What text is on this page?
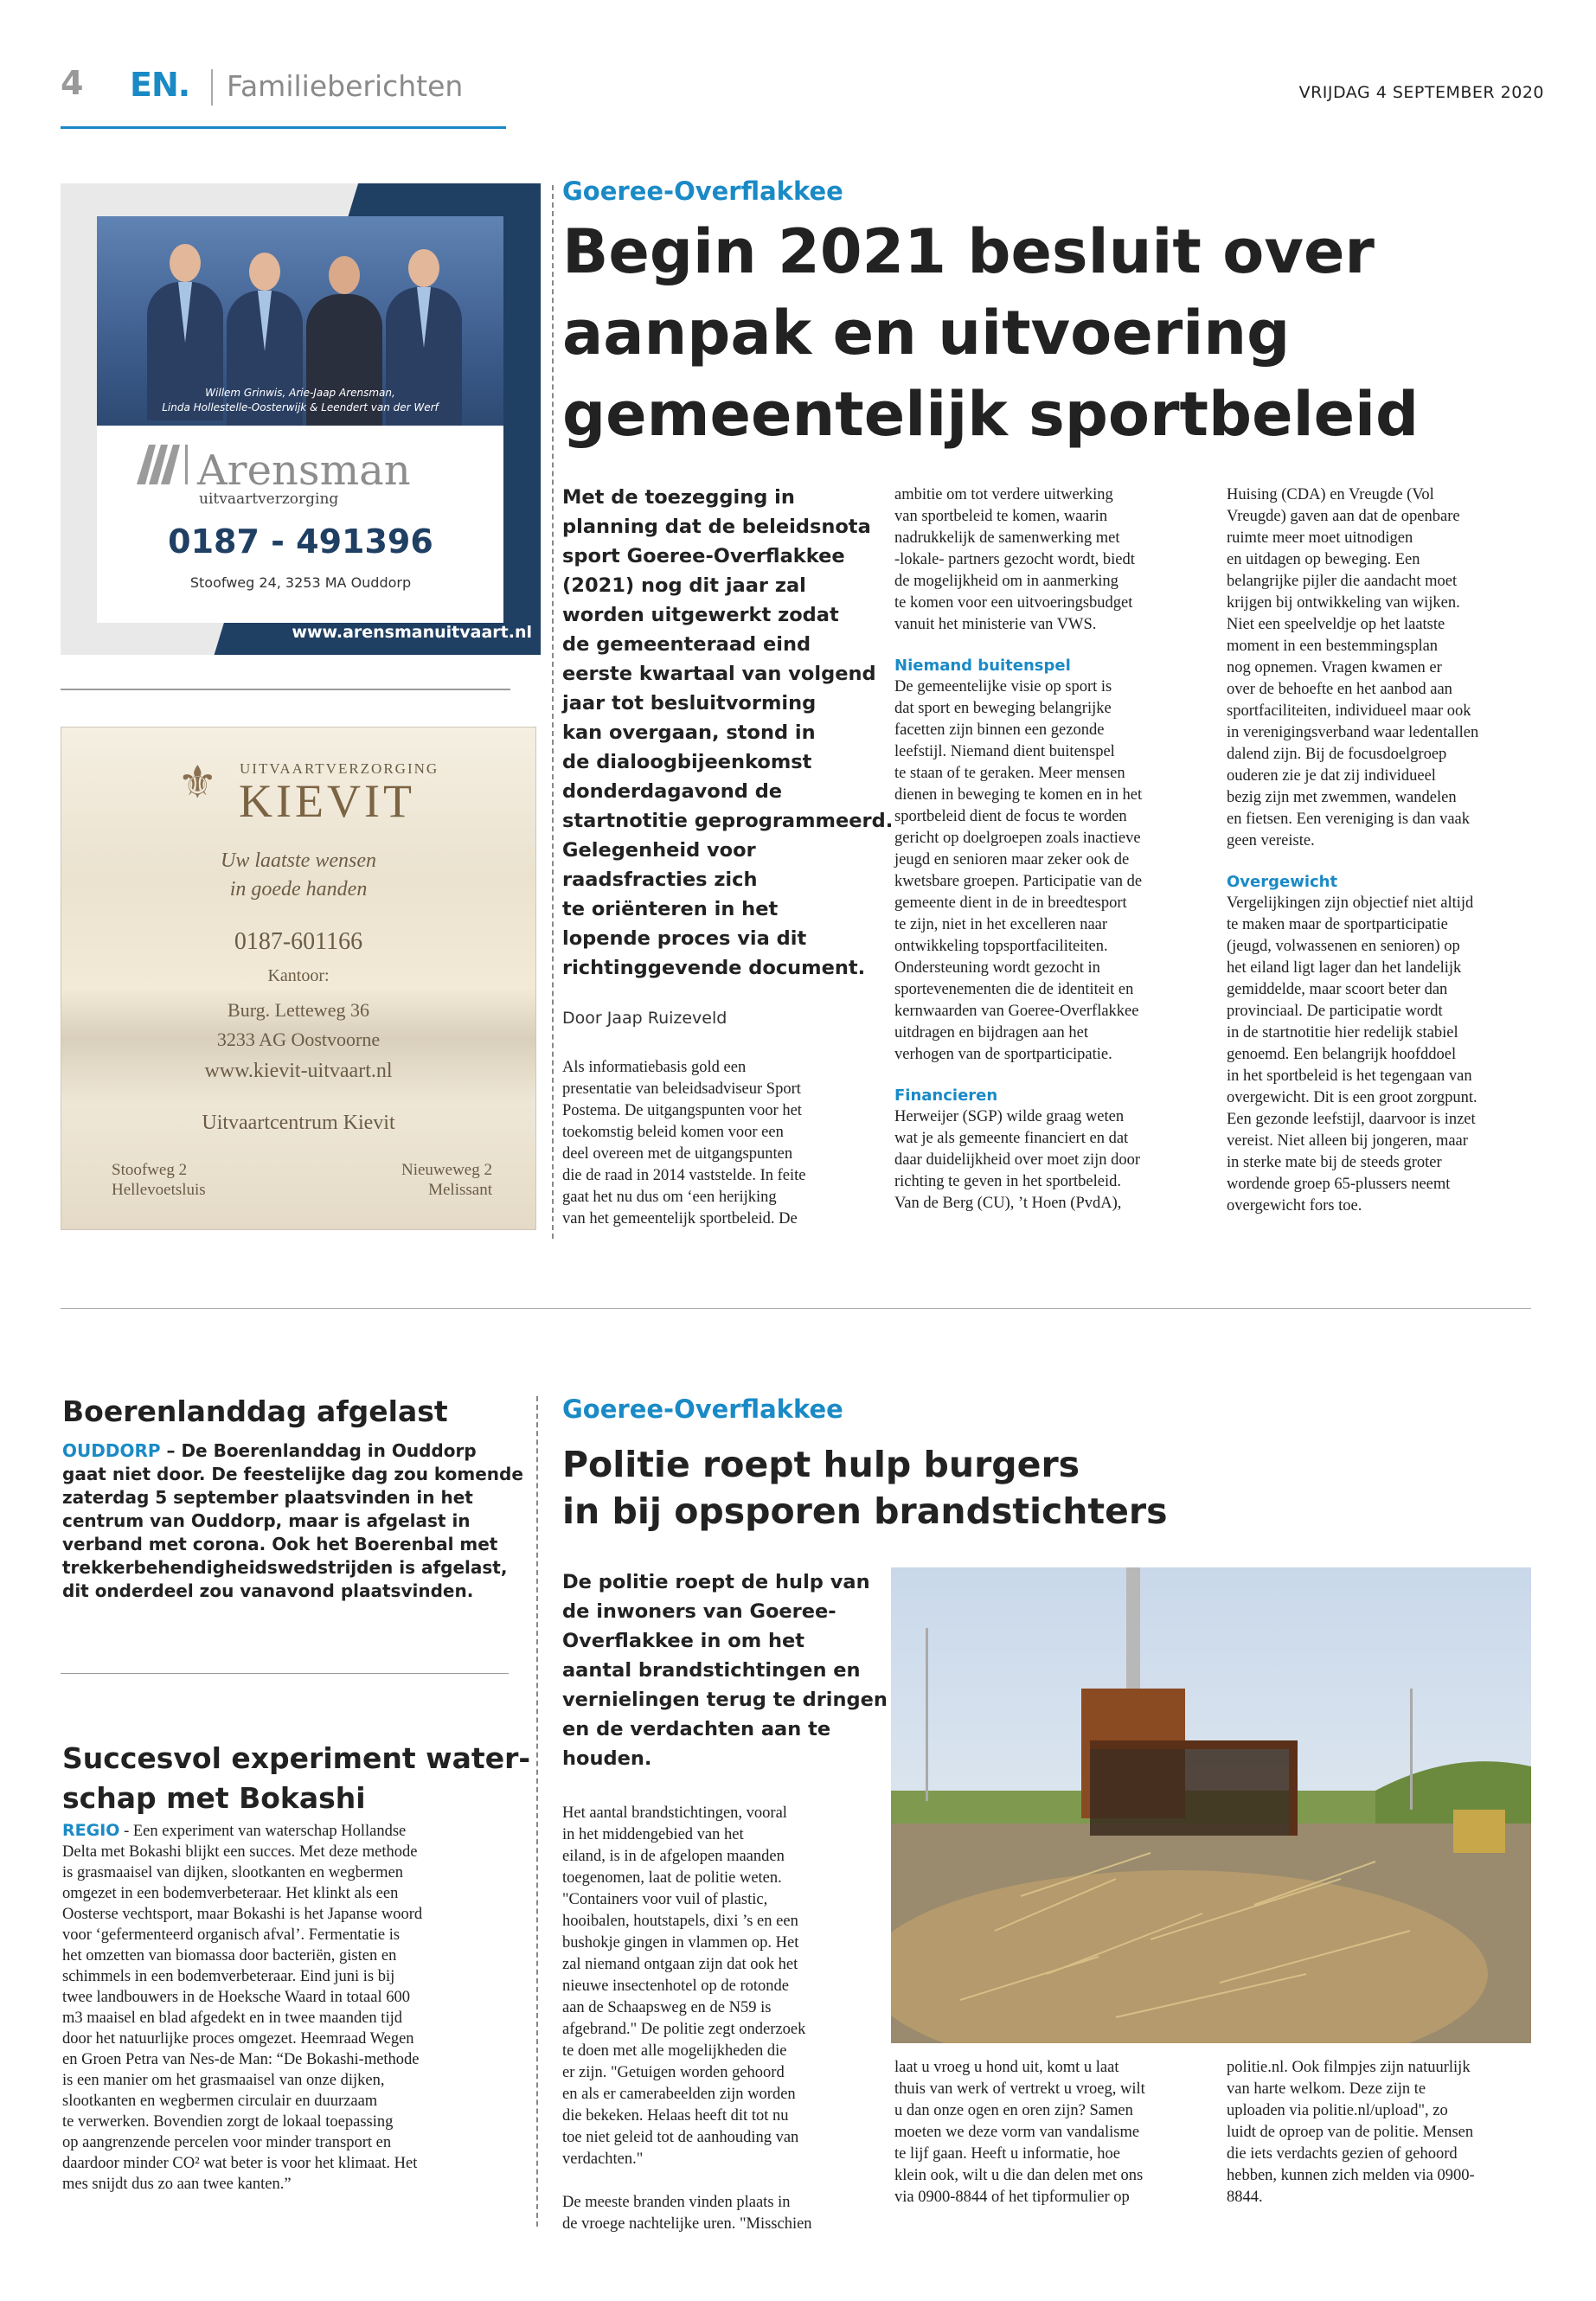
4 EN. Familieberichten	VRIJDAG 4 SEPTEMBER 2020
Willem Grinwis, Arie-Jaap Arensman,
Linda Hollestelle-Oosterwijk & Leendert van der Werf
Arensman
uitvaartverzorging
0187 - 491396
Stoofweg 24, 3253 MA Ouddorp
www.arensmanuitvaart.nl
⚜ UITVAARTVERZORGING
KIEVIT
Uw laatste wensen
in goede handen
0187-601166
Kantoor:
Burg. Letteweg 36
3233 AG Oostvoorne
www.kievit-uitvaart.nl
Uitvaartcentrum Kievit
Stoofweg 2
Hellevoetsluis
Nieuweweg 2
Melissant
Goeree-Overflakkee
Begin 2021 besluit over
aanpak en uitvoering
gemeentelijk sportbeleid
Met de toezegging in
planning dat de beleidsnota
sport Goeree-Overflakkee
(2021) nog dit jaar zal
worden uitgewerkt zodat
de gemeenteraad eind
eerste kwartaal van volgend
jaar tot besluitvorming
kan overgaan, stond in
de dialoogbijeenkomst
donderdagavond de
startnotitie geprogrammeerd.
Gelegenheid voor
raadsfracties zich
te oriënteren in het
lopende proces via dit
richtinggevende document.
Door Jaap Ruizeveld
Als informatiebasis gold een
presentatie van beleidsadviseur Sport
Postema. De uitgangspunten voor het
toekomstig beleid komen voor een
deel overeen met de uitgangspunten
die de raad in 2014 vaststelde. In feite
gaat het nu dus om ‘een herijking
van het gemeentelijk sportbeleid. De
ambitie om tot verdere uitwerking
van sportbeleid te komen, waarin
nadrukkelijk de samenwerking met
-lokale- partners gezocht wordt, biedt
de mogelijkheid om in aanmerking
te komen voor een uitvoeringsbudget
vanuit het ministerie van VWS.
Niemand buitenspel
De gemeentelijke visie op sport is
dat sport en beweging belangrijke
facetten zijn binnen een gezonde
leefstijl. Niemand dient buitenspel
te staan of te geraken. Meer mensen
dienen in beweging te komen en in het
sportbeleid dient de focus te worden
gericht op doelgroepen zoals inactieve
jeugd en senioren maar zeker ook de
kwetsbare groepen. Participatie van de
gemeente dient in de in breedtesport
te zijn, niet in het excelleren naar
ontwikkeling topsportfaciliteiten.
Ondersteuning wordt gezocht in
sportevenementen die de identiteit en
kernwaarden van Goeree-Overflakkee
uitdragen en bijdragen aan het
verhogen van de sportparticipatie.
Financieren
Herweijer (SGP) wilde graag weten
wat je als gemeente financiert en dat
daar duidelijkheid over moet zijn door
richting te geven in het sportbeleid.
Van de Berg (CU), ’t Hoen (PvdA),
Huising (CDA) en Vreugde (Vol
Vreugde) gaven aan dat de openbare
ruimte meer moet uitnodigen
en uitdagen op beweging. Een
belangrijke pijler die aandacht moet
krijgen bij ontwikkeling van wijken.
Niet een speelveldje op het laatste
moment in een bestemmingsplan
nog opnemen. Vragen kwamen er
over de behoefte en het aanbod aan
sportfaciliteiten, individueel maar ook
in verenigingsverband waar ledentallen
dalend zijn. Bij de focusdoelgroep
ouderen zie je dat zij individueel
bezig zijn met zwemmen, wandelen
en fietsen. Een vereniging is dan vaak
geen vereiste.
Overgewicht
Vergelijkingen zijn objectief niet altijd
te maken maar de sportparticipatie
(jeugd, volwassenen en senioren) op
het eiland ligt lager dan het landelijk
gemiddelde, maar scoort beter dan
provinciaal. De participatie wordt
in de startnotitie hier redelijk stabiel
genoemd. Een belangrijk hoofddoel
in het sportbeleid is het tegengaan van
overgewicht. Dit is een groot zorgpunt.
Een gezonde leefstijl, daarvoor is inzet
vereist. Niet alleen bij jongeren, maar
in sterke mate bij de steeds groter
wordende groep 65-plussers neemt
overgewicht fors toe.
Boerenlanddag afgelast
OUDDORP – De Boerenlanddag in Ouddorp
gaat niet door. De feestelijke dag zou komende
zaterdag 5 september plaatsvinden in het
centrum van Ouddorp, maar is afgelast in
verband met corona. Ook het Boerenbal met
trekkerbehendigheidswedstrijden is afgelast,
dit onderdeel zou vanavond plaatsvinden.
Succesvol experiment water-
schap met Bokashi
REGIO - Een experiment van waterschap Hollandse
Delta met Bokashi blijkt een succes. Met deze methode
is grasmaaisel van dijken, slootkanten en wegbermen
omgezet in een bodemverbeteraar. Het klinkt als een
Oosterse vechtsport, maar Bokashi is het Japanse woord
voor ‘gefermenteerd organisch afval’. Fermentatie is
het omzetten van biomassa door bacteriën, gisten en
schimmels in een bodemverbeteraar. Eind juni is bij
twee landbouwers in de Hoeksche Waard in totaal 600
m3 maaisel en blad afgedekt en in twee maanden tijd
door het natuurlijke proces omgezet. Heemraad Wegen
en Groen Petra van Nes-de Man: “De Bokashi-methode
is een manier om het grasmaaisel van onze dijken,
slootkanten en wegbermen circulair en duurzaam
te verwerken. Bovendien zorgt de lokaal toepassing
op aangrenzende percelen voor minder transport en
daardoor minder CO² wat beter is voor het klimaat. Het
mes snijdt dus zo aan twee kanten.”
Goeree-Overflakkee
Politie roept hulp burgers
in bij opsporen brandstichters
De politie roept de hulp van
de inwoners van Goeree-
Overflakkee in om het
aantal brandstichtingen en
vernielingen terug te dringen
en de verdachten aan te
houden.
Het aantal brandstichtingen, vooral
in het middengebied van het
eiland, is in de afgelopen maanden
toegenomen, laat de politie weten.
"Containers voor vuil of plastic,
hooibalen, houtstapels, dixi ’s en een
bushokje gingen in vlammen op. Het
zal niemand ontgaan zijn dat ook het
nieuwe insectenhotel op de rotonde
aan de Schaapsweg en de N59 is
afgebrand." De politie zegt onderzoek
te doen met alle mogelijkheden die
er zijn. "Getuigen worden gehoord
en als er camerabeelden zijn worden
die bekeken. Helaas heeft dit tot nu
toe niet geleid tot de aanhouding van
verdachten."
De meeste branden vinden plaats in
de vroege nachtelijke uren. "Misschien
laat u vroeg u hond uit, komt u laat
thuis van werk of vertrekt u vroeg, wilt
u dan onze ogen en oren zijn? Samen
moeten we deze vorm van vandalisme
te lijf gaan. Heeft u informatie, hoe
klein ook, wilt u die dan delen met ons
via 0900-8844 of het tipformulier op
politie.nl. Ook filmpjes zijn natuurlijk
van harte welkom. Deze zijn te
uploaden via politie.nl/upload", zo
luidt de oproep van de politie. Mensen
die iets verdachts gezien of gehoord
hebben, kunnen zich melden via 0900-
8844.
